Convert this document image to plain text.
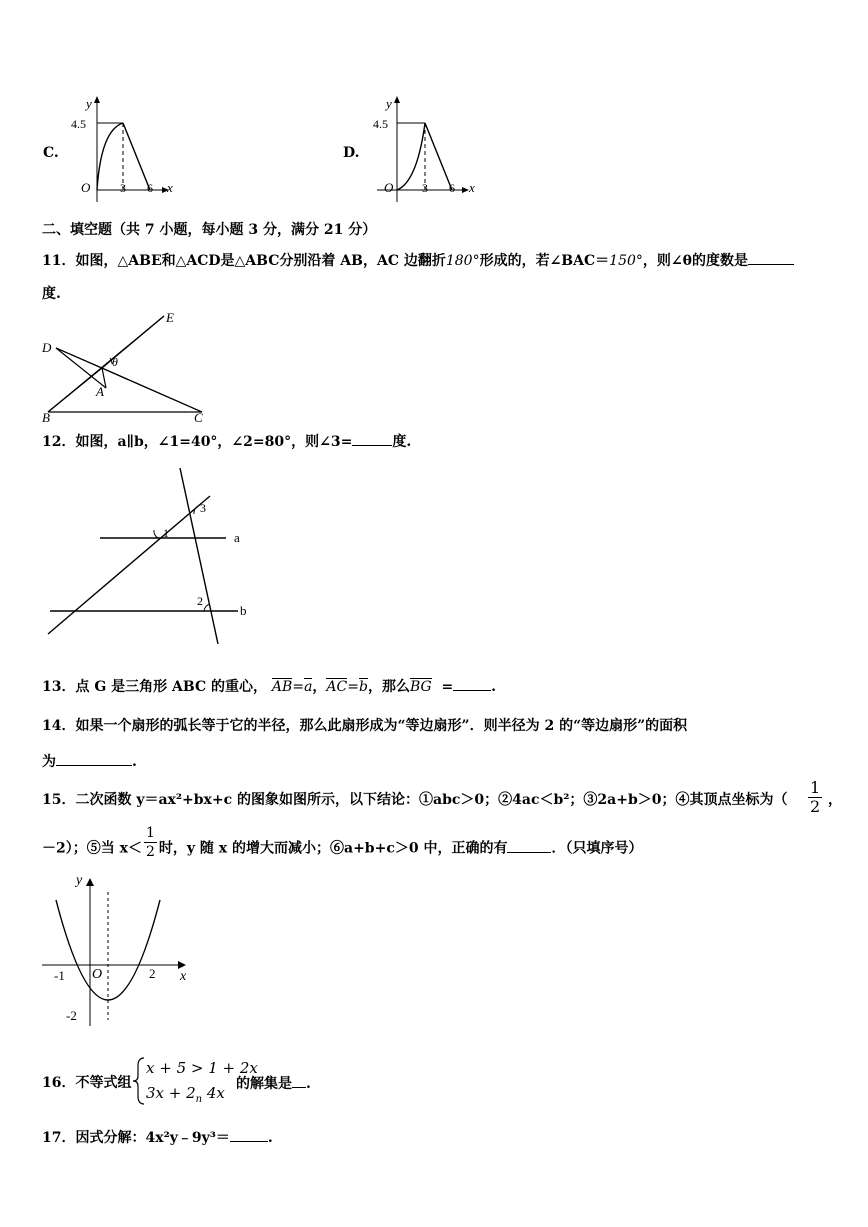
C.
y
4.5
O 3 6 x
D.
y
4.5
O 3 6 x
二、填空题（共 7 小题，每小题 3 分，满分 21 分）
11．如图，△ABE和△ACD是△ABC分别沿着 AB，AC 边翻折180°形成的，若∠BAC＝150°，则∠θ的度数是
度.
D
E
A
B	C
θ
12．如图，a∥b，∠1=40°，∠2=80°，则∠3=	度.
1
2
3
a
b
13．点 G 是三角形 ABC 的重心， AB=a，AC=b，那么BG =	.
14．如果一个扇形的弧长等于它的半径，那么此扇形成为“等边扇形”．则半径为 2 的“等边扇形”的面积
为	.
15．二次函数 y＝ax²+bx+c 的图象如图所示，以下结论：①abc＞0；②4ac＜b²；③2a+b＞0；④其顶点坐标为（ $\frac{1}{2}$ ，
－2）；⑤当 $x< \frac{1}{2}$ 时，y 随 x 的增大而减小；⑥a+b+c＞0 中，正确的有	．（只填序号）
y
x
O
-1	2
-2
16．不等式组
x + 5 > 1 + 2x
$3x + 2_n$ 4x 的解集是 .
17．因式分解：4x²y﹣9y³＝	.
